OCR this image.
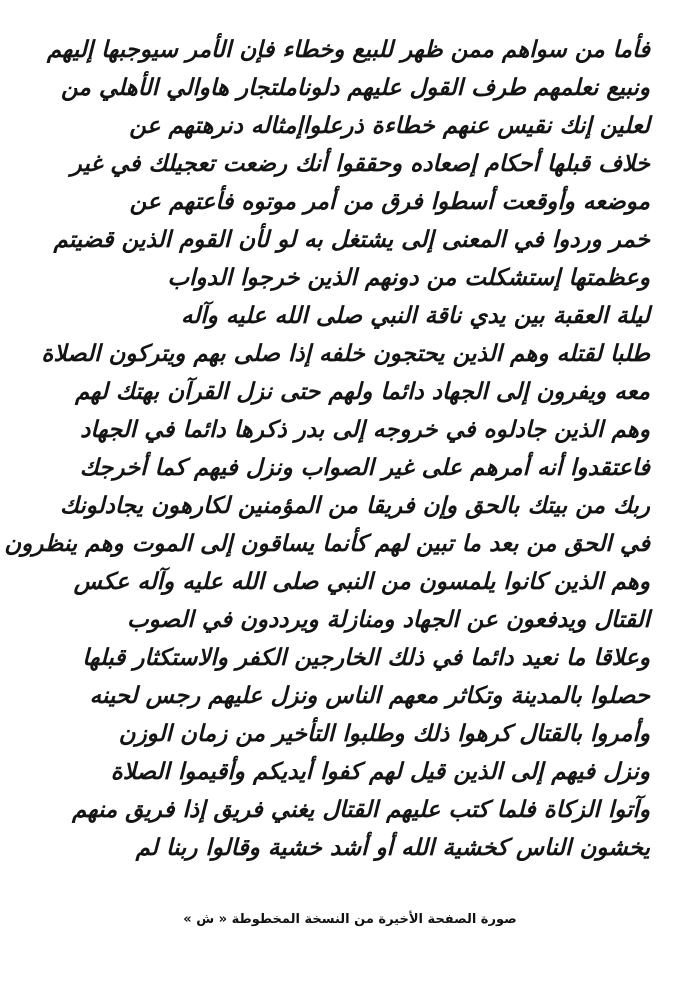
فأما من سواهم ممن ظهر للبيع وخطاء فإن الأمر سيوجبها إليهم
ونبيع نعلمهم طرف القول عليهم دلوناملتجار هاوالي الأهلي من
لعلين إنك نقيس عنهم خطاءة ذرعلواإمثاله دنرهتهم عن
خلاف قبلها أحكام إصعاده وحققوا أنك رضعت تعجيلك في غير
موضعه وأوقعت أسطوا فرق من أمر موتوه فأعتهم عن
خمر وردوا في المعنى إلى يشتغل به لو لأن القوم الذين قضيتم
وعظمتها إستشكلت من دونهم الذين خرجوا الدواب
ليلة العقبة بين يدي ناقة النبي صلى الله عليه وآله
طلبا لقتله وهم الذين يحتجون خلفه إذا صلى بهم ويتركون الصلاة
معه ويفرون إلى الجهاد دائما ولهم حتى نزل القرآن بهتك لهم
وهم الذين جادلوه في خروجه إلى بدر ذكرها دائما في الجهاد
فاعتقدوا أنه أمرهم على غير الصواب ونزل فيهم كما أخرجك
ربك من بيتك بالحق وإن فريقا من المؤمنين لكارهون يجادلونك
في الحق من بعد ما تبين لهم كأنما يساقون إلى الموت وهم ينظرون
وهم الذين كانوا يلمسون من النبي صلى الله عليه وآله عكس
القتال ويدفعون عن الجهاد ومنازلة ويرددون في الصوب
وعلاقا ما نعيد دائما في ذلك الخارجين الكفر والاستكثار قبلها
حصلوا بالمدينة وتكاثر معهم الناس ونزل عليهم رجس لحينه
وأمروا بالقتال كرهوا ذلك وطلبوا التأخير من زمان الوزن
ونزل فيهم إلى الذين قيل لهم كفوا أيديكم وأقيموا الصلاة
وآتوا الزكاة فلما كتب عليهم القتال يغني فريق إذا فريق منهم
يخشون الناس كخشية الله أو أشد خشية وقالوا ربنا لم
صورة الصفحة الأخيرة من النسخة المخطوطة « ش »
